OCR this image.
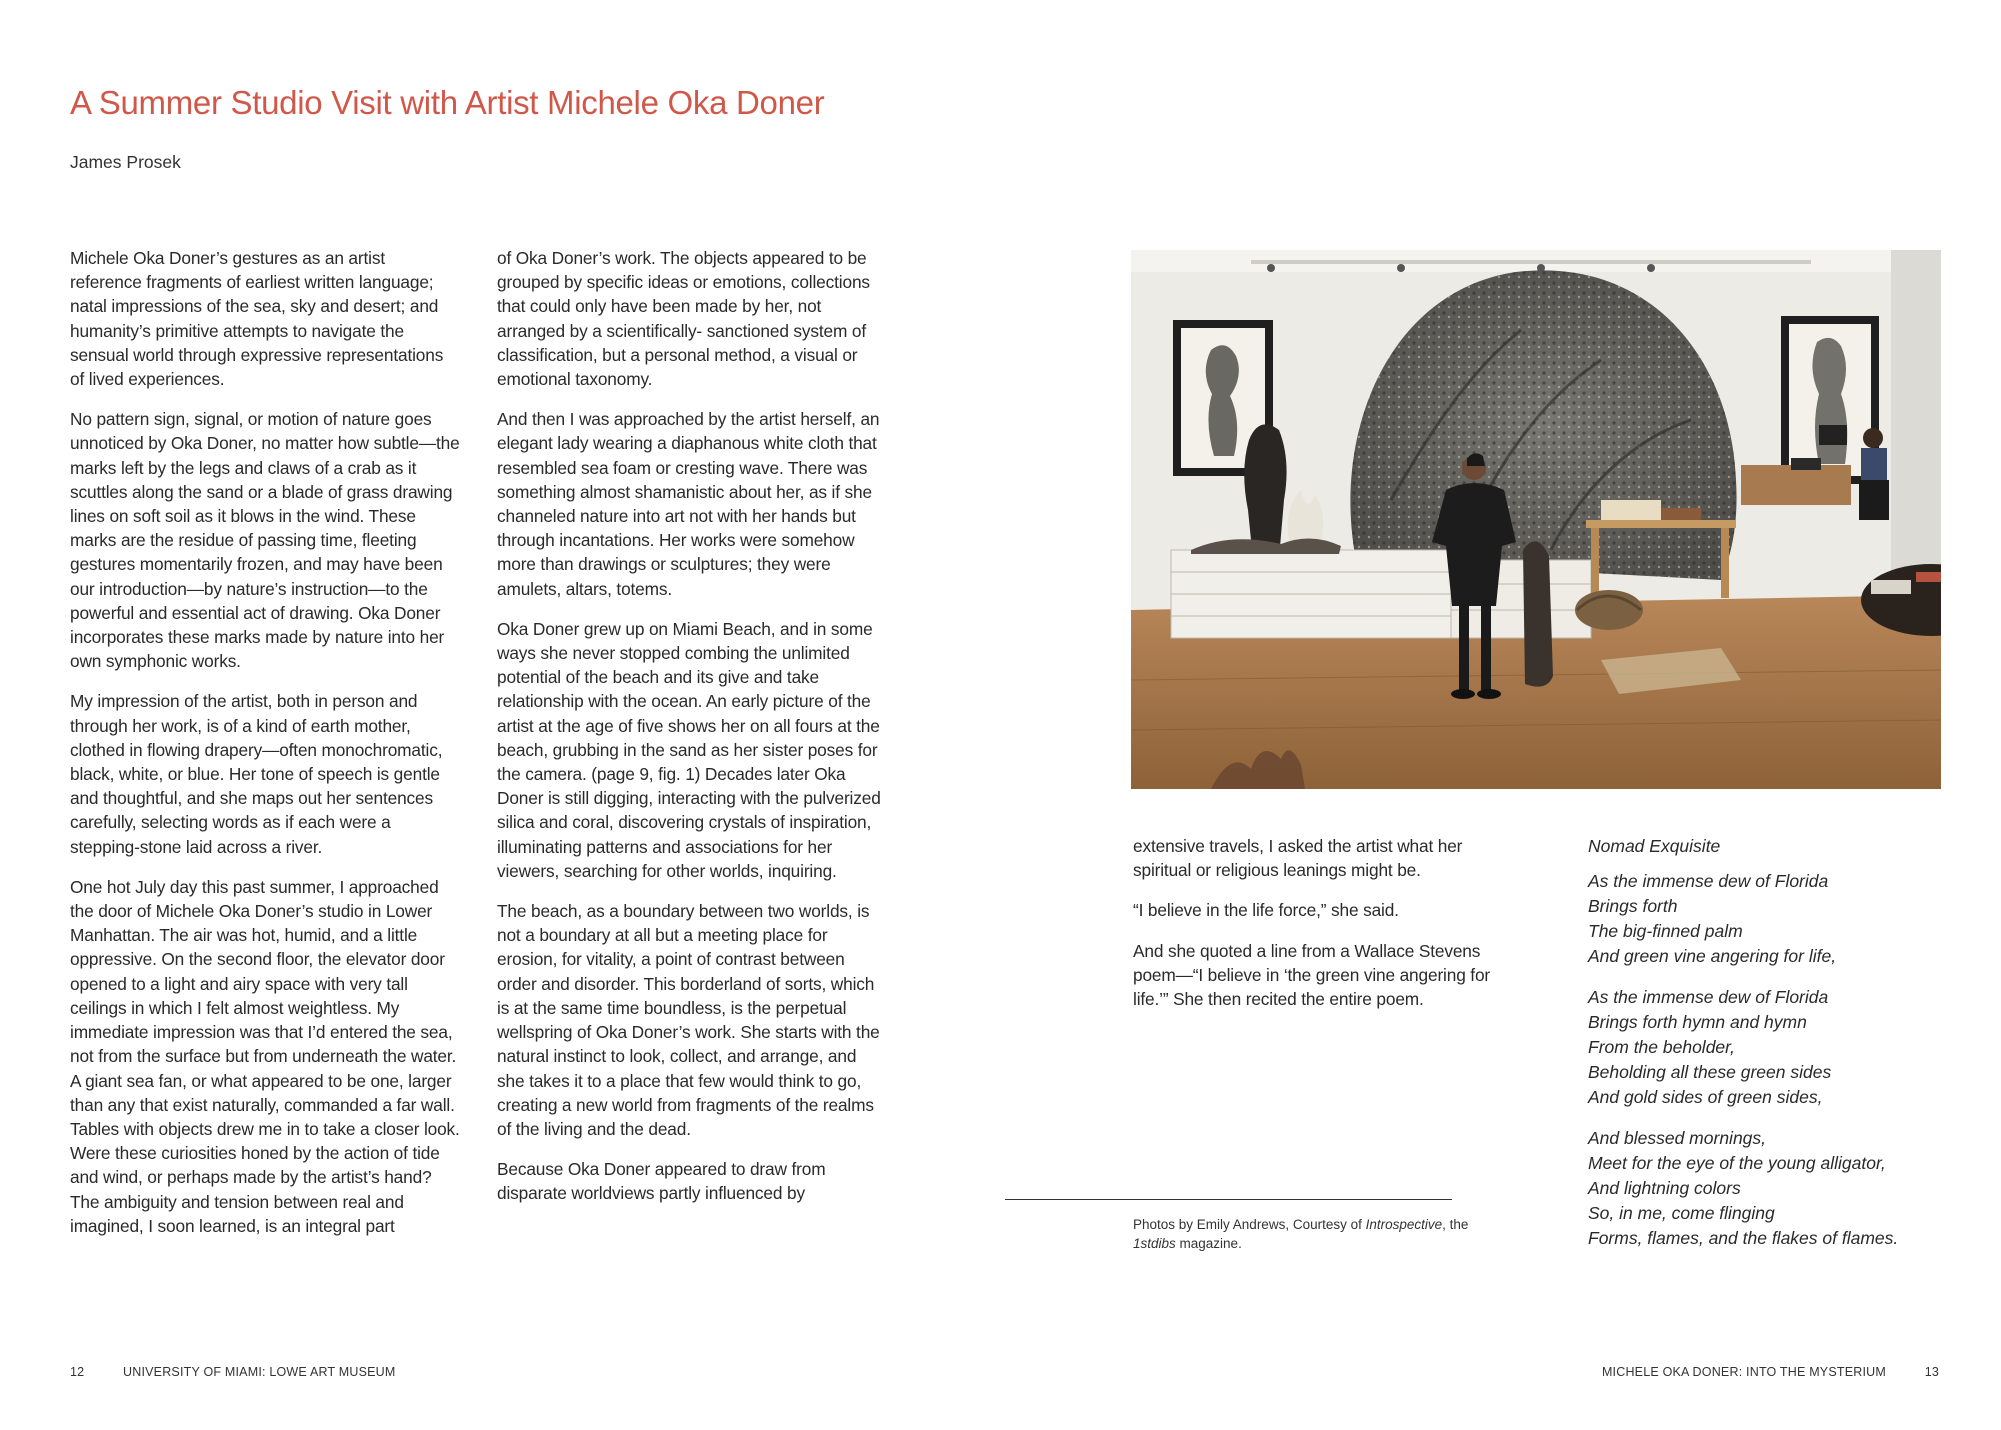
A Summer Studio Visit with Artist Michele Oka Doner
James Prosek

Michele Oka Doner’s gestures as an artist reference fragments of earliest written language; natal impressions of the sea, sky and desert; and humanity’s primitive attempts to navigate the sensual world through expressive representations of lived experiences.

No pattern sign, signal, or motion of nature goes unnoticed by Oka Doner, no matter how subtle—the marks left by the legs and claws of a crab as it scuttles along the sand or a blade of grass drawing lines on soft soil as it blows in the wind. These marks are the residue of passing time, fleeting gestures momentarily frozen, and may have been our introduction—by nature’s instruction—to the powerful and essential act of drawing. Oka Doner incorporates these marks made by nature into her own symphonic works.

My impression of the artist, both in person and through her work, is of a kind of earth mother, clothed in flowing drapery—often monochromatic, black, white, or blue. Her tone of speech is gentle and thoughtful, and she maps out her sentences carefully, selecting words as if each were a stepping-stone laid across a river.

One hot July day this past summer, I approached the door of Michele Oka Doner’s studio in Lower Manhattan. The air was hot, humid, and a little oppressive. On the second floor, the elevator door opened to a light and airy space with very tall ceilings in which I felt almost weightless. My immediate impression was that I’d entered the sea, not from the surface but from underneath the water. A giant sea fan, or what appeared to be one, larger than any that exist naturally, commanded a far wall. Tables with objects drew me in to take a closer look. Were these curiosities honed by the action of tide and wind, or perhaps made by the artist’s hand? The ambiguity and tension between real and imagined, I soon learned, is an integral part

of Oka Doner’s work. The objects appeared to be grouped by specific ideas or emotions, collections that could only have been made by her, not arranged by a scientifically- sanctioned system of classification, but a personal method, a visual or emotional taxonomy.

And then I was approached by the artist herself, an elegant lady wearing a diaphanous white cloth that resembled sea foam or cresting wave. There was something almost shamanistic about her, as if she channeled nature into art not with her hands but through incantations. Her works were somehow more than drawings or sculptures; they were amulets, altars, totems.

Oka Doner grew up on Miami Beach, and in some ways she never stopped combing the unlimited potential of the beach and its give and take relationship with the ocean. An early picture of the artist at the age of five shows her on all fours at the beach, grubbing in the sand as her sister poses for the camera. (page 9, fig. 1) Decades later Oka Doner is still digging, interacting with the pulverized silica and coral, discovering crystals of inspiration, illuminating patterns and associations for her viewers, searching for other worlds, inquiring.

The beach, as a boundary between two worlds, is not a boundary at all but a meeting place for erosion, for vitality, a point of contrast between order and disorder. This borderland of sorts, which is at the same time boundless, is the perpetual wellspring of Oka Doner’s work. She starts with the natural instinct to look, collect, and arrange, and she takes it to a place that few would think to go, creating a new world from fragments of the realms of the living and the dead.

Because Oka Doner appeared to draw from disparate worldviews partly influenced by

extensive travels, I asked the artist what her spiritual or religious leanings might be.

“I believe in the life force,” she said.

And she quoted a line from a Wallace Stevens poem—“I believe in ‘the green vine angering for life.’” She then recited the entire poem.

Nomad Exquisite
As the immense dew of Florida
Brings forth
The big-finned palm
And green vine angering for life,
As the immense dew of Florida
Brings forth hymn and hymn
From the beholder,
Beholding all these green sides
And gold sides of green sides,
And blessed mornings,
Meet for the eye of the young alligator,
And lightning colors
So, in me, come flinging
Forms, flames, and the flakes of flames.
Photos by Emily Andrews, Courtesy of Introspective, the 1stdibs magazine.
12	UNIVERSITY OF MIAMI: LOWE ART MUSEUM	MICHELE OKA DONER: INTO THE MYSTERIUM	13
